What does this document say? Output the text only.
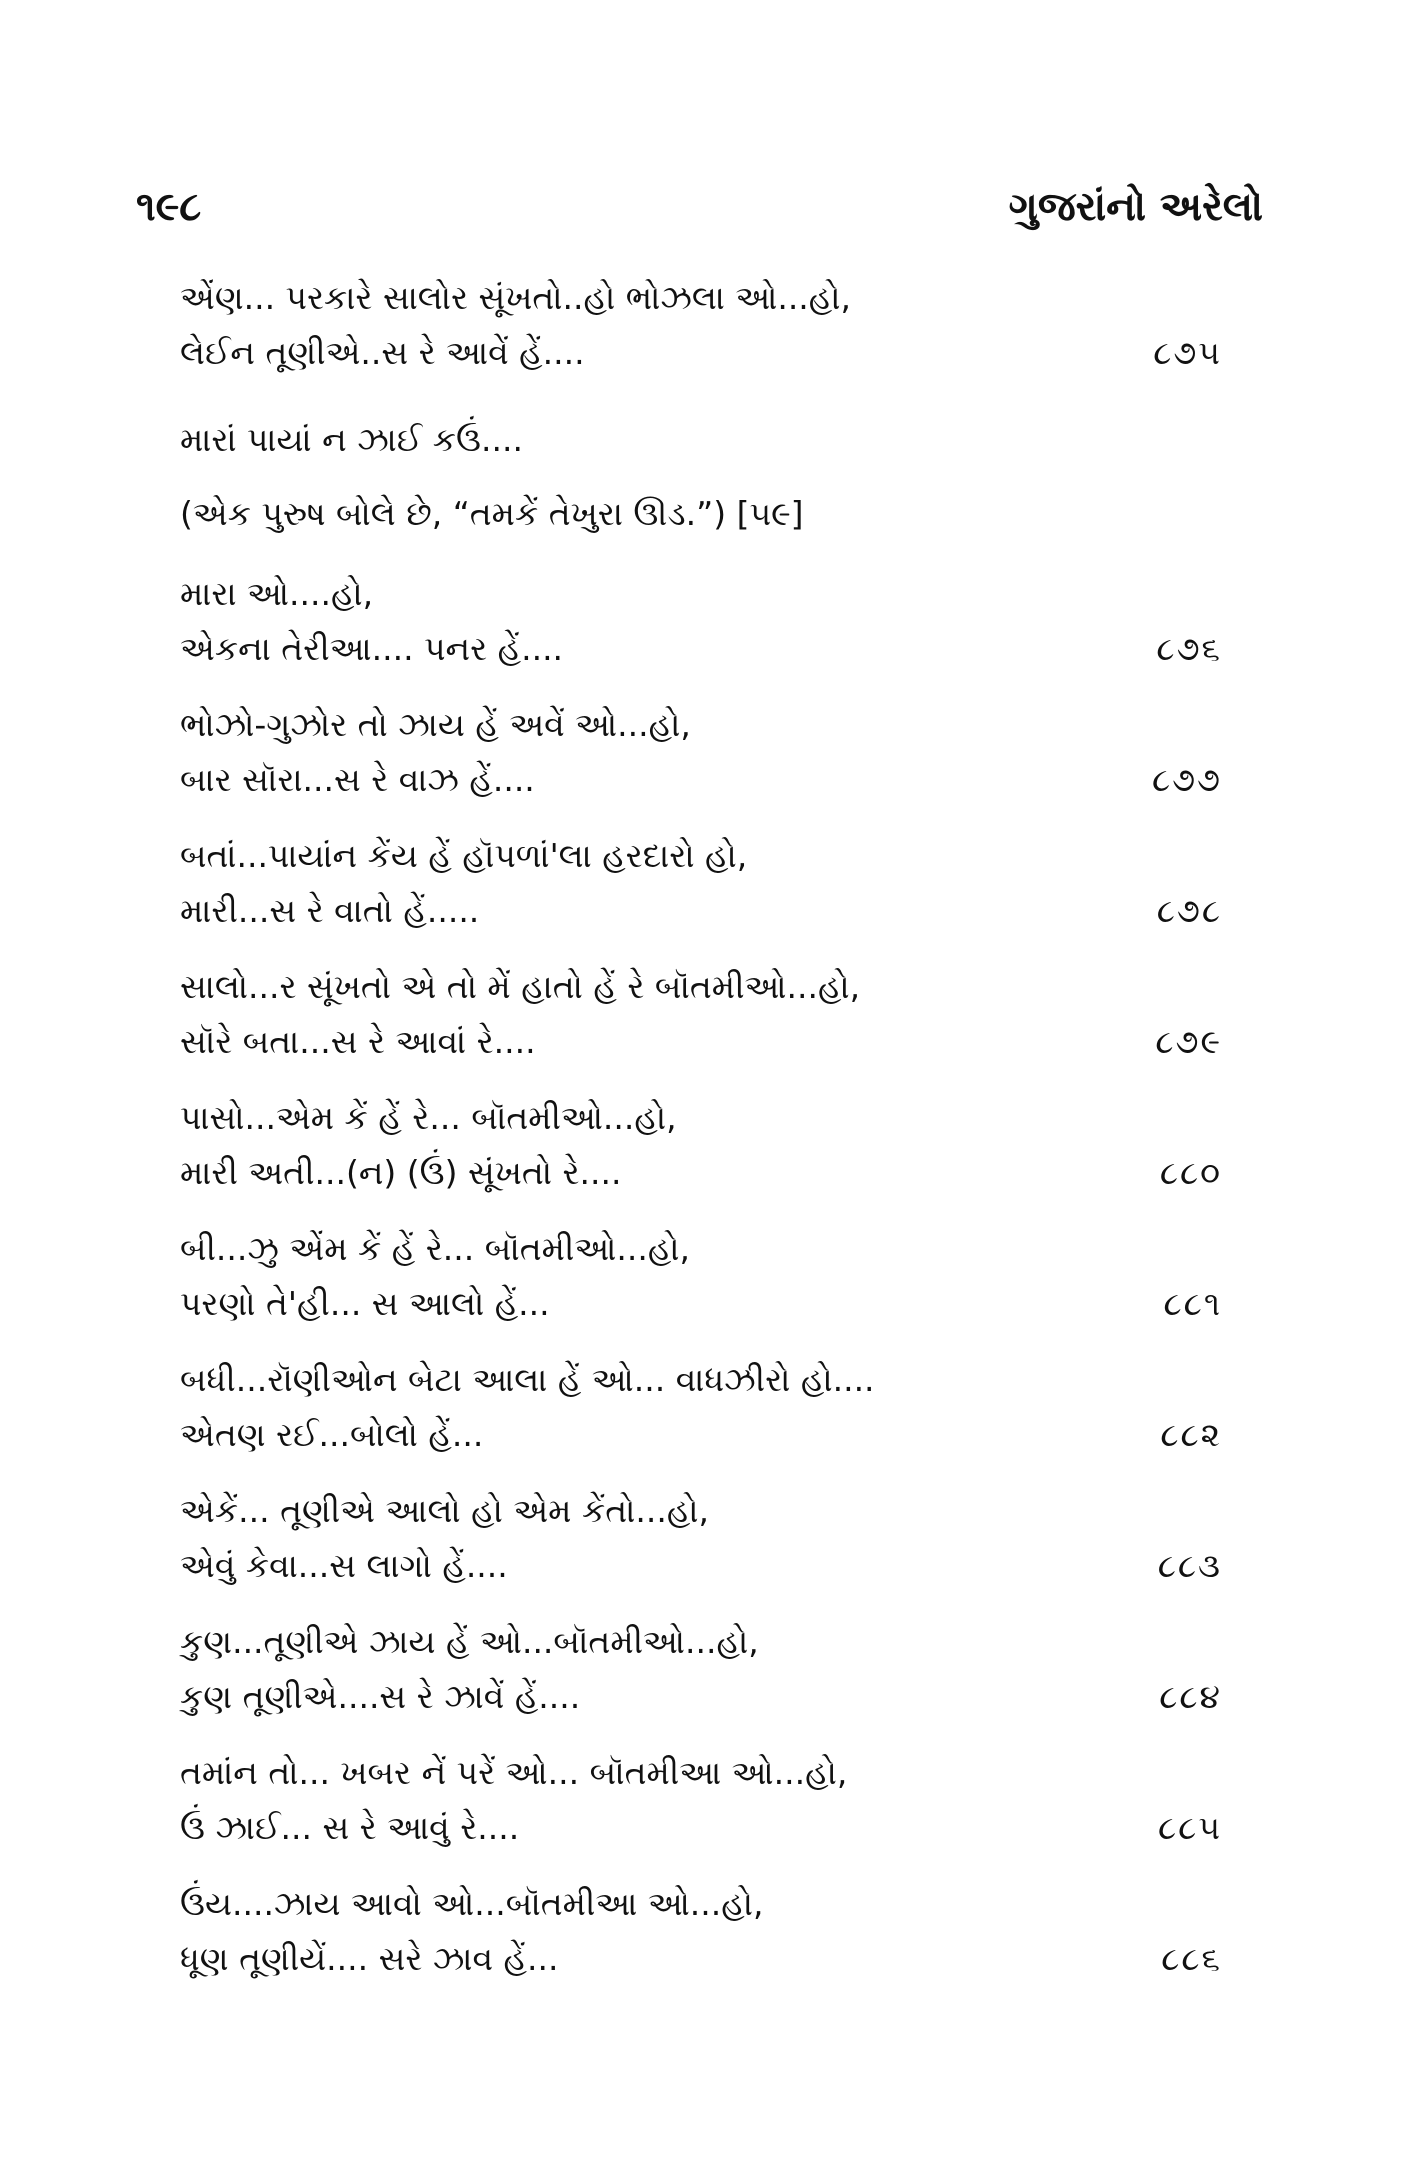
૧૯૮	ગુજરાંનો અરેલો
એંણ... પરકારે સાલોર સૂંખતો..હો ભોઝલા ઓ...હો,
લેઈન તૂણીએ..સ રે આવેં હેં....	૮૭૫
મારાં પાયાં ન ઝાઈ કઉં....
(એક પુરુષ બોલે છે, “તમકેં તેખુરા ઊડ.”) [૫૯]
મારા ઓ....હો,
એકના તેરીઆ.... પનર હેં....	૮૭૬
ભોઝો-ગુઝોર તો ઝાય હેં અવેં ઓ...હો,
બાર સૉરા...સ રે વાઝ હેં....	૮૭૭
બતાં...પાયાંન કેંય હેં હૉપળાં'લા હરદારો હો,
મારી...સ રે વાતો હેં.....	૮૭૮
સાલો...ર સૂંખતો એ તો મેં હાતો હેં રે બૉતમીઓ...હો,
સૉરે બતા...સ રે આવાં રે....	૮૭૯
પાસો...એમ કેં હેં રે... બૉતમીઓ...હો,
મારી અતી...(ન) (ઉં) સૂંખતો રે....	૮૮૦
બી...ઝુ એંમ કેં હેં રે... બૉતમીઓ...હો,
પરણો તે'હી... સ આલો હેં...	૮૮૧
બધી...રૉણીઓન બેટા આલા હેં ઓ... વાધઝીરો હો....
એતણ રઈ...બોલો હેં...	૮૮૨
એકેં... તૂણીએ આલો હો એમ કેંતો...હો,
એવું કેવા...સ લાગો હેં....	૮૮૩
કુણ...તૂણીએ ઝાય હેં ઓ...બૉતમીઓ...હો,
કુણ તૂણીએ....સ રે ઝાવેં હેં....	૮૮૪
તમાંન તો... ખબર નેં પરેં ઓ... બૉતમીઆ ઓ...હો,
ઉં ઝાઈ... સ રે આવું રે....	૮૮૫
ઉંય....ઝાય આવો ઓ...બૉતમીઆ ઓ...હો,
ધૂણ તૂણીયેં.... સરે ઝાવ હેં...	૮૮૬
